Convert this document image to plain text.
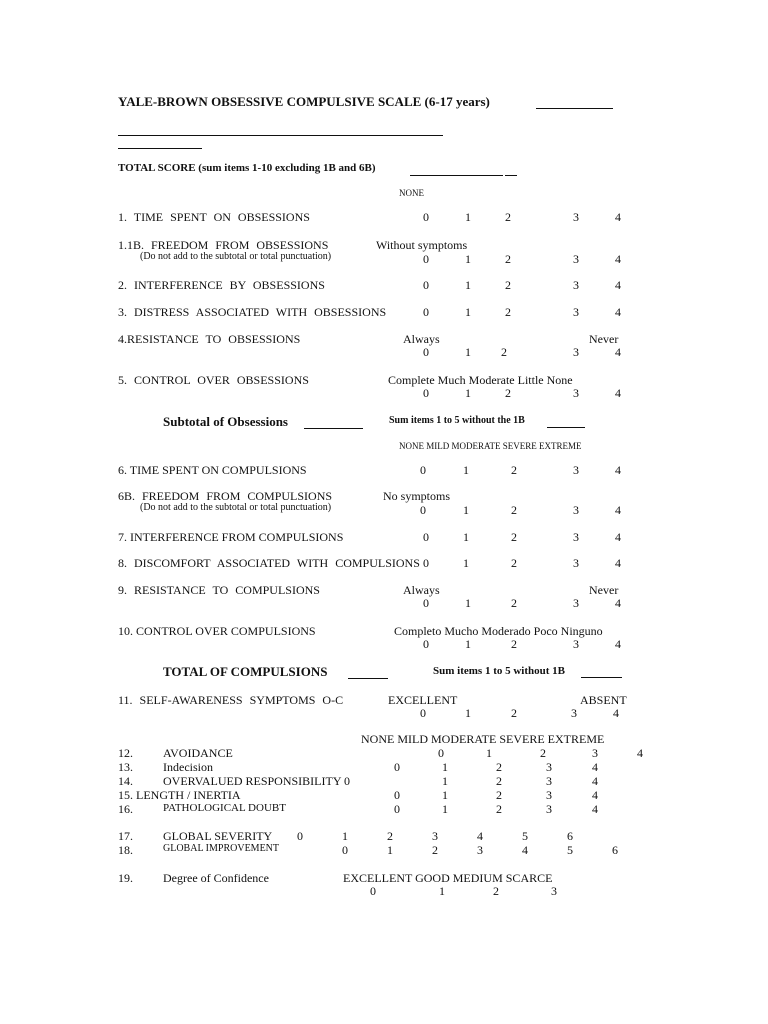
YALE-BROWN OBSESSIVE COMPULSIVE SCALE (6-17 years)
TOTAL SCORE (sum items 1-10 excluding 1B and 6B)
NONE
1. TIME SPENT ON OBSESSIONS	0	1	2	3	4
1.1B. FREEDOM FROM OBSESSIONS	Without symptoms
(Do not add to the subtotal or total punctuation)	0	1	2	3	4
2. INTERFERENCE BY OBSESSIONS	0	1	2	3	4
3. DISTRESS ASSOCIATED WITH OBSESSIONS	0	1	2	3	4
4.RESISTANCE TO OBSESSIONS	Always	Never
0	1	2	3	4
5. CONTROL OVER OBSESSIONS	Complete Much Moderate Little None
0	1	2	3	4
Subtotal of Obsessions	Sum items 1 to 5 without the 1B
NONE MILD MODERATE SEVERE EXTREME
6. TIME SPENT ON COMPULSIONS	0	1	2	3	4
6B. FREEDOM FROM COMPULSIONS	No symptoms
(Do not add to the subtotal or total punctuation)	0	1	2	3	4
7. INTERFERENCE FROM COMPULSIONS	0	1	2	3	4
8. DISCOMFORT ASSOCIATED WITH COMPULSIONS 0	1	2	3	4
9. RESISTANCE TO COMPULSIONS	Always	Never
0	1	2	3	4
10. CONTROL OVER COMPULSIONS	Completo Mucho Moderado Poco Ninguno
0	1	2	3	4
TOTAL OF COMPULSIONS	Sum items 1 to 5 without 1B
11. SELF-AWARENESS SYMPTOMS O-C	EXCELLENT	ABSENT
0	1	2	3	4
NONE MILD MODERATE SEVERE EXTREME
12.	AVOIDANCE	0	1	2	3	4
13.	Indecision	0	1	2	3	4
14.	OVERVALUED RESPONSIBILITY 0	1	2	3	4
15. LENGTH / INERTIA	0	1	2	3	4
16.	PATHOLOGICAL DOUBT	0	1	2	3	4
17.	GLOBAL SEVERITY 0	1	2	3	4	5	6
18.	GLOBAL IMPROVEMENT	0	1	2	3	4	5	6
19.	Degree of Confidence	EXCELLENT GOOD MEDIUM SCARCE
0	1	2	3
